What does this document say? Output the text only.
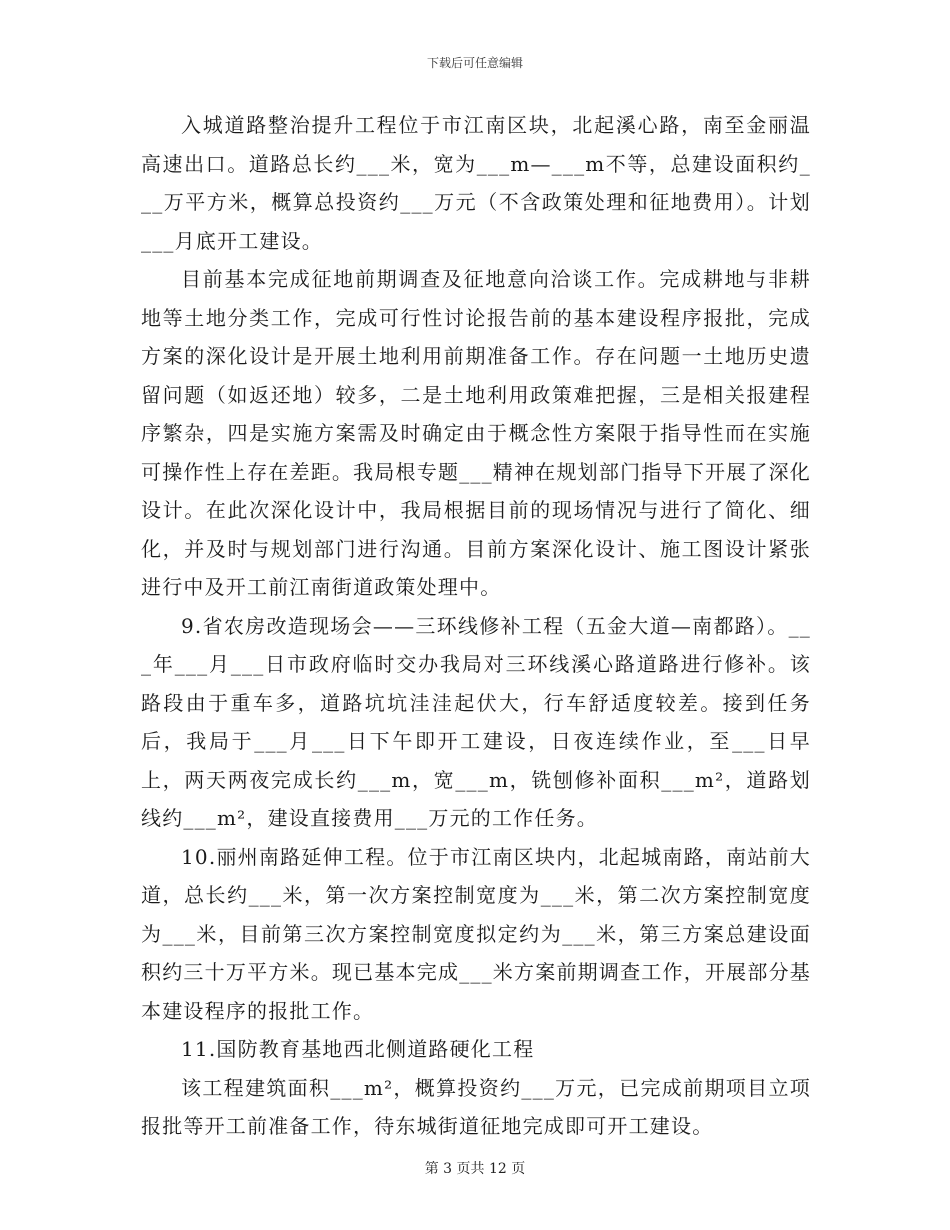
下载后可任意编辑

入城道路整治提升工程位于市江南区块，北起溪心路，南至金丽温高速出口。道路总长约___米，宽为___m—___m不等，总建设面积约___万平方米，概算总投资约___万元（不含政策处理和征地费用）。计划___月底开工建设。

目前基本完成征地前期调查及征地意向洽谈工作。完成耕地与非耕地等土地分类工作，完成可行性讨论报告前的基本建设程序报批，完成方案的深化设计是开展土地利用前期准备工作。存在问题一土地历史遗留问题（如返还地）较多，二是土地利用政策难把握，三是相关报建程序繁杂，四是实施方案需及时确定由于概念性方案限于指导性而在实施可操作性上存在差距。我局根专题___精神在规划部门指导下开展了深化设计。在此次深化设计中，我局根据目前的现场情况与进行了简化、细化，并及时与规划部门进行沟通。目前方案深化设计、施工图设计紧张进行中及开工前江南街道政策处理中。

9.省农房改造现场会——三环线修补工程（五金大道—南都路）。___年___月___日市政府临时交办我局对三环线溪心路道路进行修补。该路段由于重车多，道路坑坑洼洼起伏大，行车舒适度较差。接到任务后，我局于___月___日下午即开工建设，日夜连续作业，至___日早上，两天两夜完成长约___m，宽___m，铣刨修补面积___m²，道路划线约___m²，建设直接费用___万元的工作任务。

10.丽州南路延伸工程。位于市江南区块内，北起城南路，南站前大道，总长约___米，第一次方案控制宽度为___米，第二次方案控制宽度为___米，目前第三次方案控制宽度拟定约为___米，第三方案总建设面积约三十万平方米。现已基本完成___米方案前期调查工作，开展部分基本建设程序的报批工作。

11.国防教育基地西北侧道路硬化工程

该工程建筑面积___m²，概算投资约___万元，已完成前期项目立项报批等开工前准备工作，待东城街道征地完成即可开工建设。

第 3 页共 12 页
